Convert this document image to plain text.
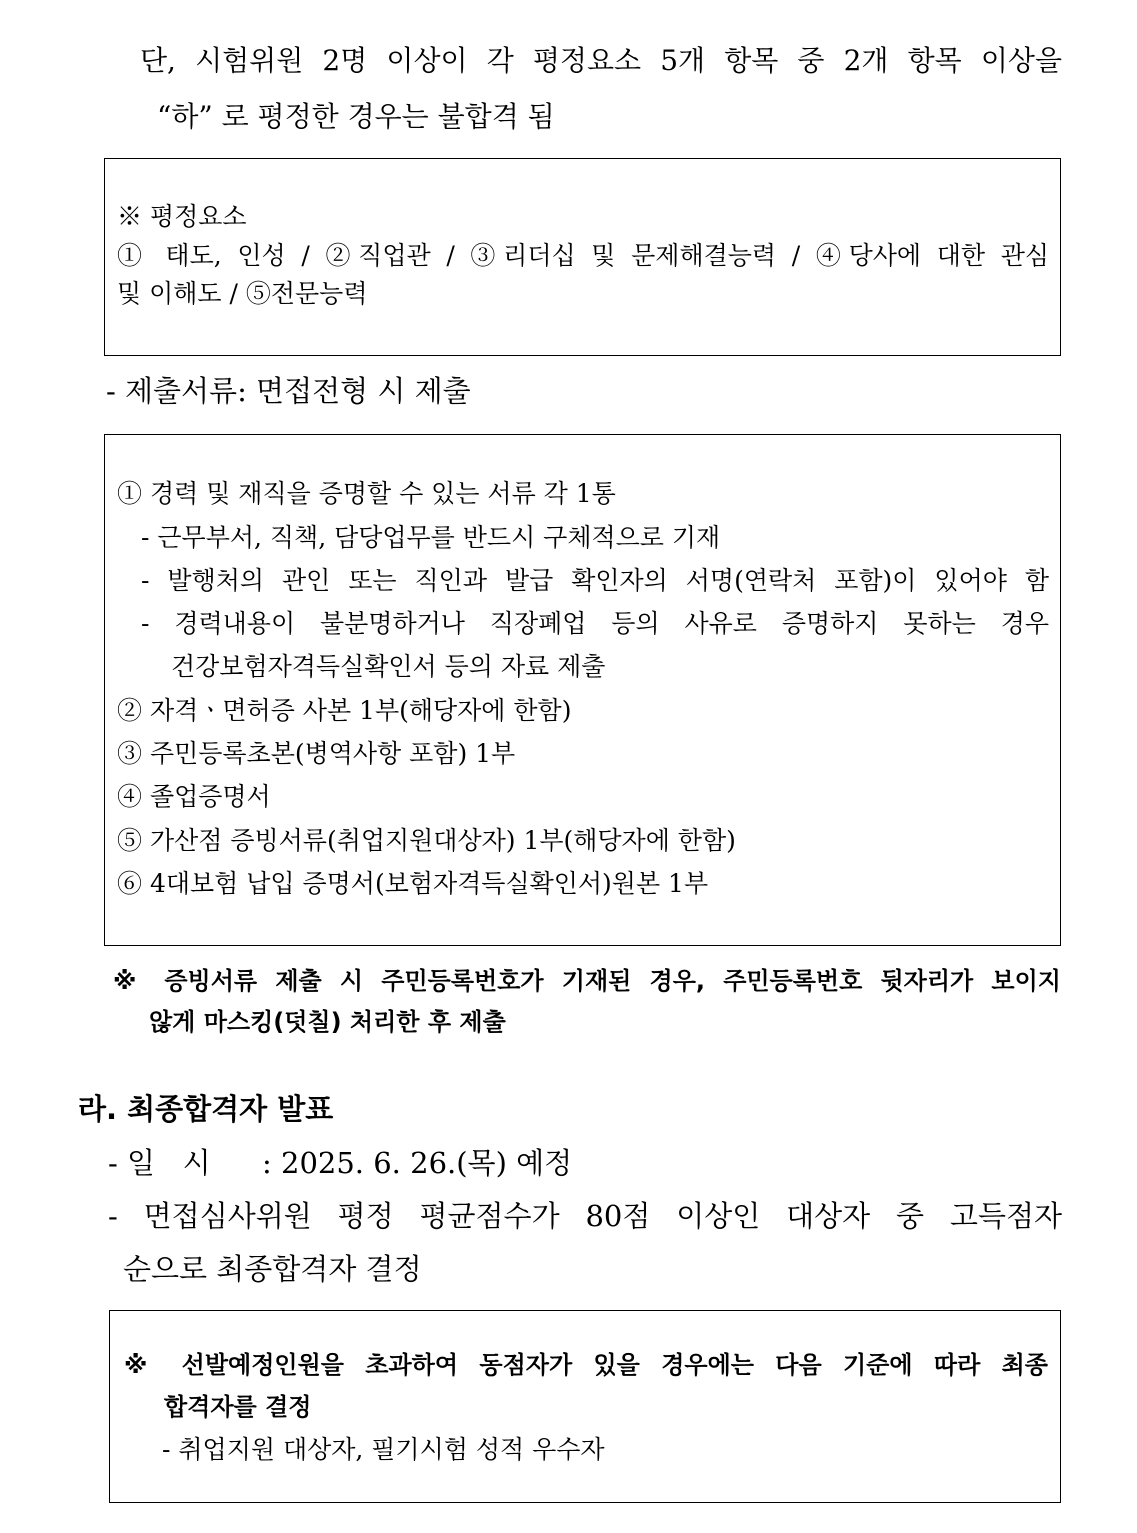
단, 시험위원 2명 이상이 각 평정요소 5개 항목 중 2개 항목 이상을
“하” 로 평정한 경우는 불합격 됨
※ 평정요소
① 태도, 인성 / ②직업관 / ③리더십 및 문제해결능력 / ④당사에 대한 관심
및 이해도 / ⑤전문능력
- 제출서류: 면접전형 시 제출
① 경력 및 재직을 증명할 수 있는 서류 각 1통
- 근무부서, 직책, 담당업무를 반드시 구체적으로 기재
- 발행처의 관인 또는 직인과 발급 확인자의 서명(연락처 포함)이 있어야 함
- 경력내용이 불분명하거나 직장폐업 등의 사유로 증명하지 못하는 경우
건강보험자격득실확인서 등의 자료 제출
② 자격ㆍ면허증 사본 1부(해당자에 한함)
③ 주민등록초본(병역사항 포함) 1부
④ 졸업증명서
⑤ 가산점 증빙서류(취업지원대상자) 1부(해당자에 한함)
⑥ 4대보험 납입 증명서(보험자격득실확인서)원본 1부
※ 증빙서류 제출 시 주민등록번호가 기재된 경우, 주민등록번호 뒷자리가 보이지
않게 마스킹(덧칠) 처리한 후 제출
라. 최종합격자 발표
- 일   시 : 2025. 6. 26.(목) 예정
- 면접심사위원 평정 평균점수가 80점 이상인 대상자 중 고득점자
순으로 최종합격자 결정
※ 선발예정인원을 초과하여 동점자가 있을 경우에는 다음 기준에 따라 최종
합격자를 결정
- 취업지원 대상자, 필기시험 성적 우수자
